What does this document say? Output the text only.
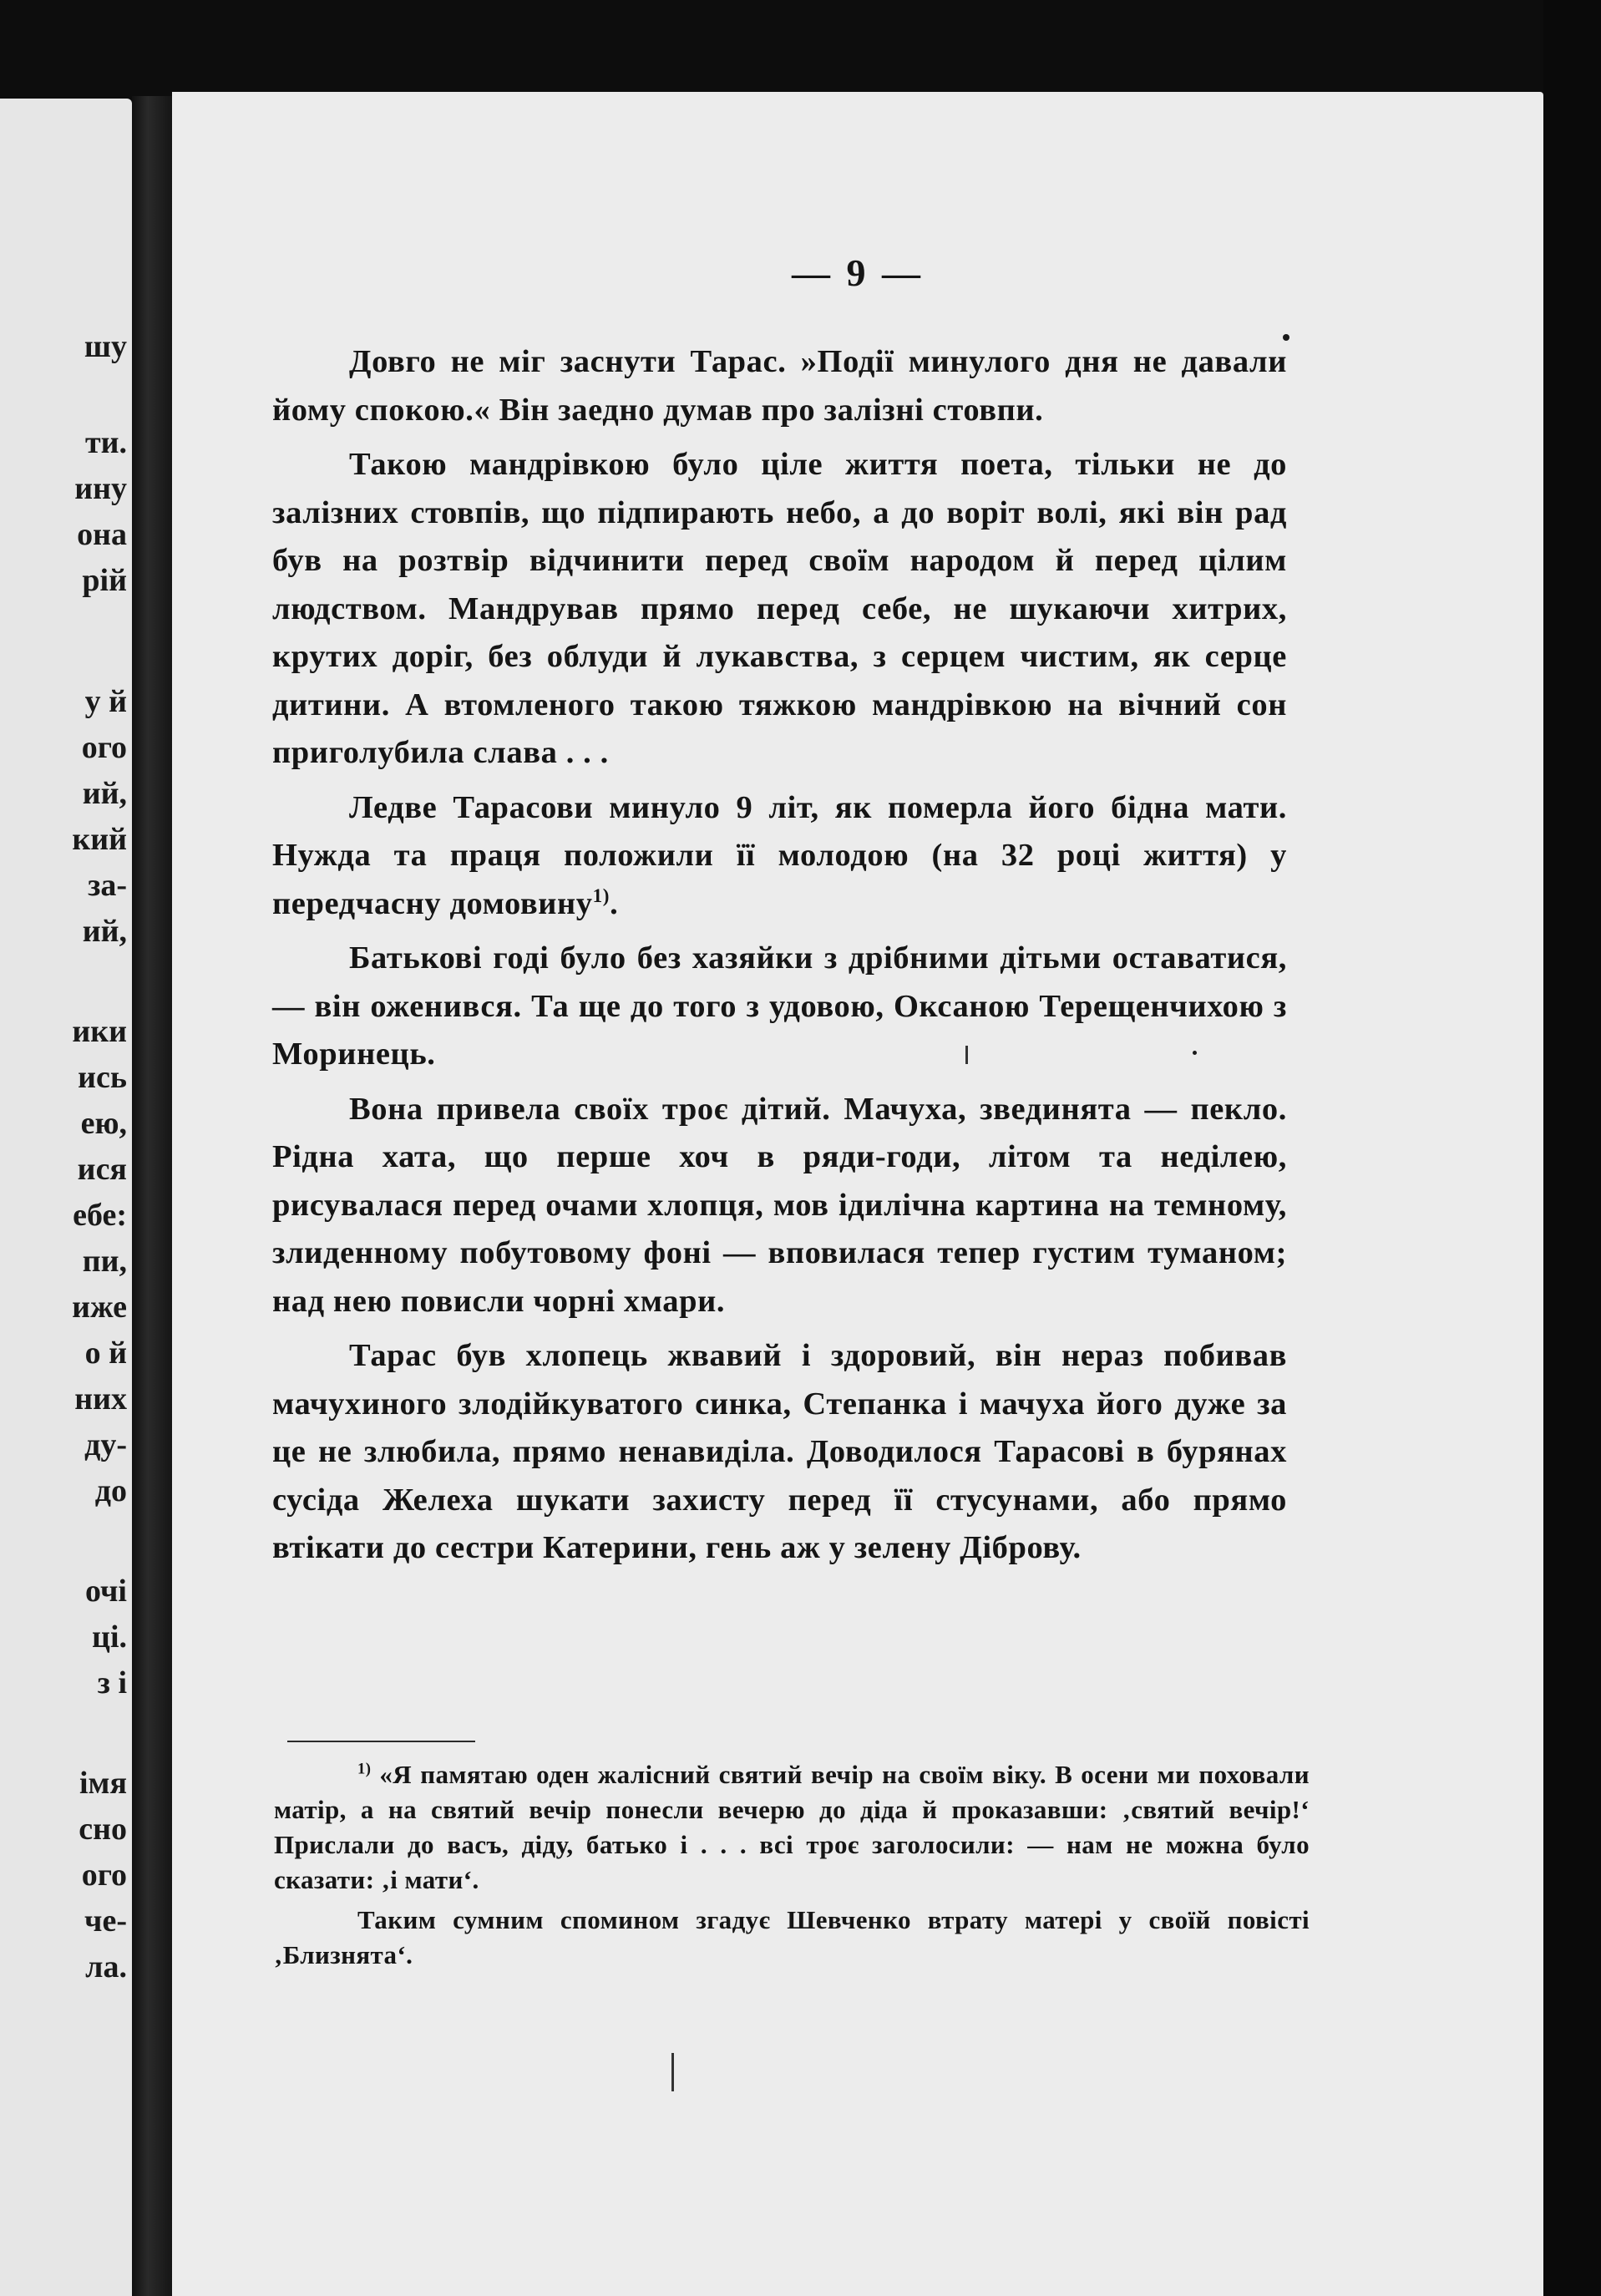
шу
ти.
ину
она
рій
у й
ого
ий,
кий
за-
ий,
ики
ись
ею,
ися
ебе:
пи,
иже
о й
них
ду-
до
очі
ці.
з і
імя
сно
ого
че-
ла.
— 9 —

Довго не міг заснути Тарас. »Події минулого дня не давали йому спокою.« Він заедно думав про залізні стовпи.

Такою мандрівкою було ціле життя поета, тільки не до залізних стовпів, що підпирають небо, а до воріт волі, які він рад був на розтвір відчинити перед своїм народом й перед цілим людством. Мандрував прямо перед себе, не шукаючи хитрих, крутих доріг, без облуди й лукавства, з серцем чистим, як серце дитини. А втомленого такою тяжкою мандрівкою на вічний сон приголубила слава . . .

Ледве Тарасови минуло 9 літ, як померла його бідна мати. Нужда та праця положили її молодою (на 32 році життя) у передчасну домовину$^{1)}$.

Батькові годі було без хазяйки з дрібними дітьми оставатися, — він оженився. Та ще до того з удовою, Оксаною Терещенчихою з Моринець.

Вона привела своїх троє дітий. Мачуха, звединята — пекло. Рідна хата, що перше хоч в ряди-годи, літом та неділею, рисувалася перед очами хлопця, мов ідилічна картина на темному, злиденному побутовому фоні — вповилася тепер густим туманом; над нею повисли чорні хмари.

Тарас був хлопець жвавий і здоровий, він нераз побивав мачухиного злодійкуватого синка, Степанка і мачуха його дуже за це не злюбила, прямо ненавиділа. Доводилося Тарасові в бурянах сусіда Желеха шукати захисту перед її стусунами, або прямо втікати до сестри Катерини, гень аж у зелену Діброву.

$^{1)}$ «Я памятаю оден жалісний святий вечір на своїм віку. В осени ми поховали матір, а на святий вечір понесли вечерю до діда й проказавши: ‚святий вечір!‘ Прислали до васъ, діду, батько і . . . всі троє заголосили: — нам не можна було сказати: ‚і мати‘.

Таким сумним спомином згадує Шевченко втрату матері у своїй повісті ‚Близнята‘.
